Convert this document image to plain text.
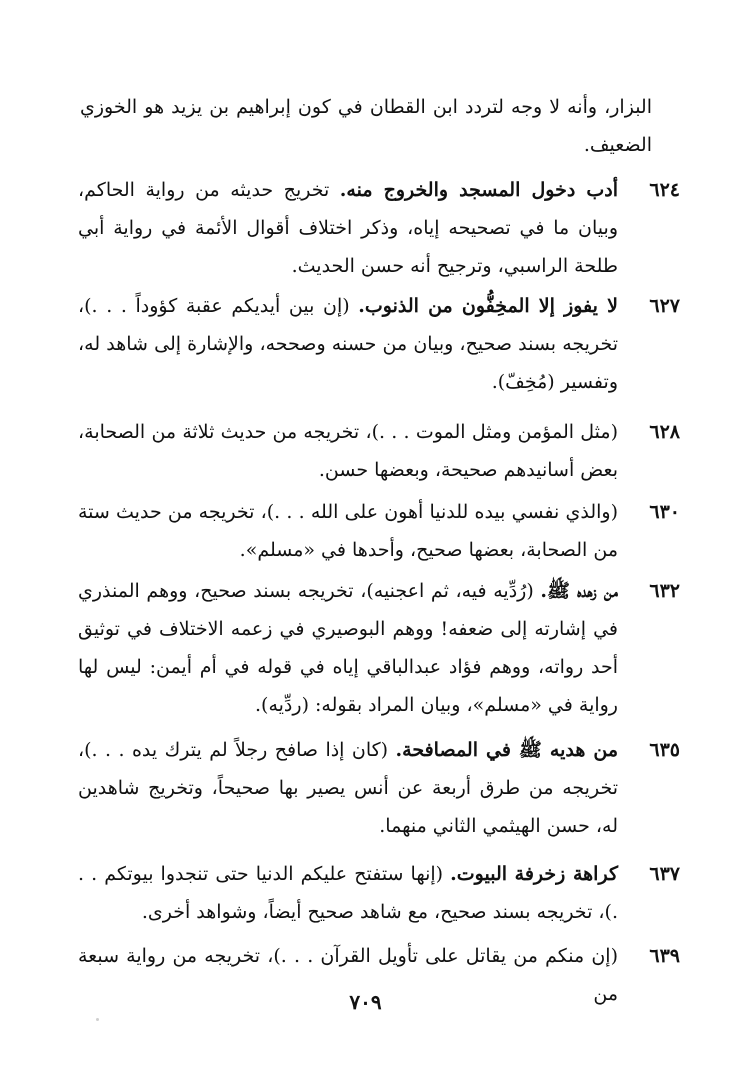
البزار، وأنه لا وجه لتردد ابن القطان في كون إبراهيم بن يزيد هو الخوزي الضعيف.
٦٢٤
أدب دخول المسجد والخروج منه. تخريج حديثه من رواية الحاكم، وبيان ما في تصحيحه إياه، وذكر اختلاف أقوال الأئمة في رواية أبي طلحة الراسبي، وترجيح أنه حسن الحديث.
٦٢٧
لا يفوز إلا المخِفُّون من الذنوب. (إن بين أيديكم عقبة كؤوداً . . .)، تخريجه بسند صحيح، وبيان من حسنه وصححه، والإشارة إلى شاهد له، وتفسير (مُخِفّ).
٦٢٨
(مثل المؤمن ومثل الموت . . .)، تخريجه من حديث ثلاثة من الصحابة، بعض أسانيدهم صحيحة، وبعضها حسن.
٦٣٠
(والذي نفسي بيده للدنيا أهون على الله . . .)، تخريجه من حديث ستة من الصحابة، بعضها صحيح، وأحدها في «مسلم».
٦٣٢
من زهده ﷺ. (رُدِّيه فيه، ثم اعجنيه)، تخريجه بسند صحيح، ووهم المنذري في إشارته إلى ضعفه! ووهم البوصيري في زعمه الاختلاف في توثيق أحد رواته، ووهم فؤاد عبدالباقي إياه في قوله في أم أيمن: ليس لها رواية في «مسلم»، وبيان المراد بقوله: (ردِّيه).
٦٣٥
من هديه ﷺ في المصافحة. (كان إذا صافح رجلاً لم يترك يده . . .)، تخريجه من طرق أربعة عن أنس يصير بها صحيحاً، وتخريج شاهدين له، حسن الهيثمي الثاني منهما.
٦٣٧
كراهة زخرفة البيوت. (إنها ستفتح عليكم الدنيا حتى تنجدوا بيوتكم . . .)، تخريجه بسند صحيح، مع شاهد صحيح أيضاً، وشواهد أخرى.
٦٣٩
(إن منكم من يقاتل على تأويل القرآن . . .)، تخريجه من رواية سبعة من
٧٠٩
